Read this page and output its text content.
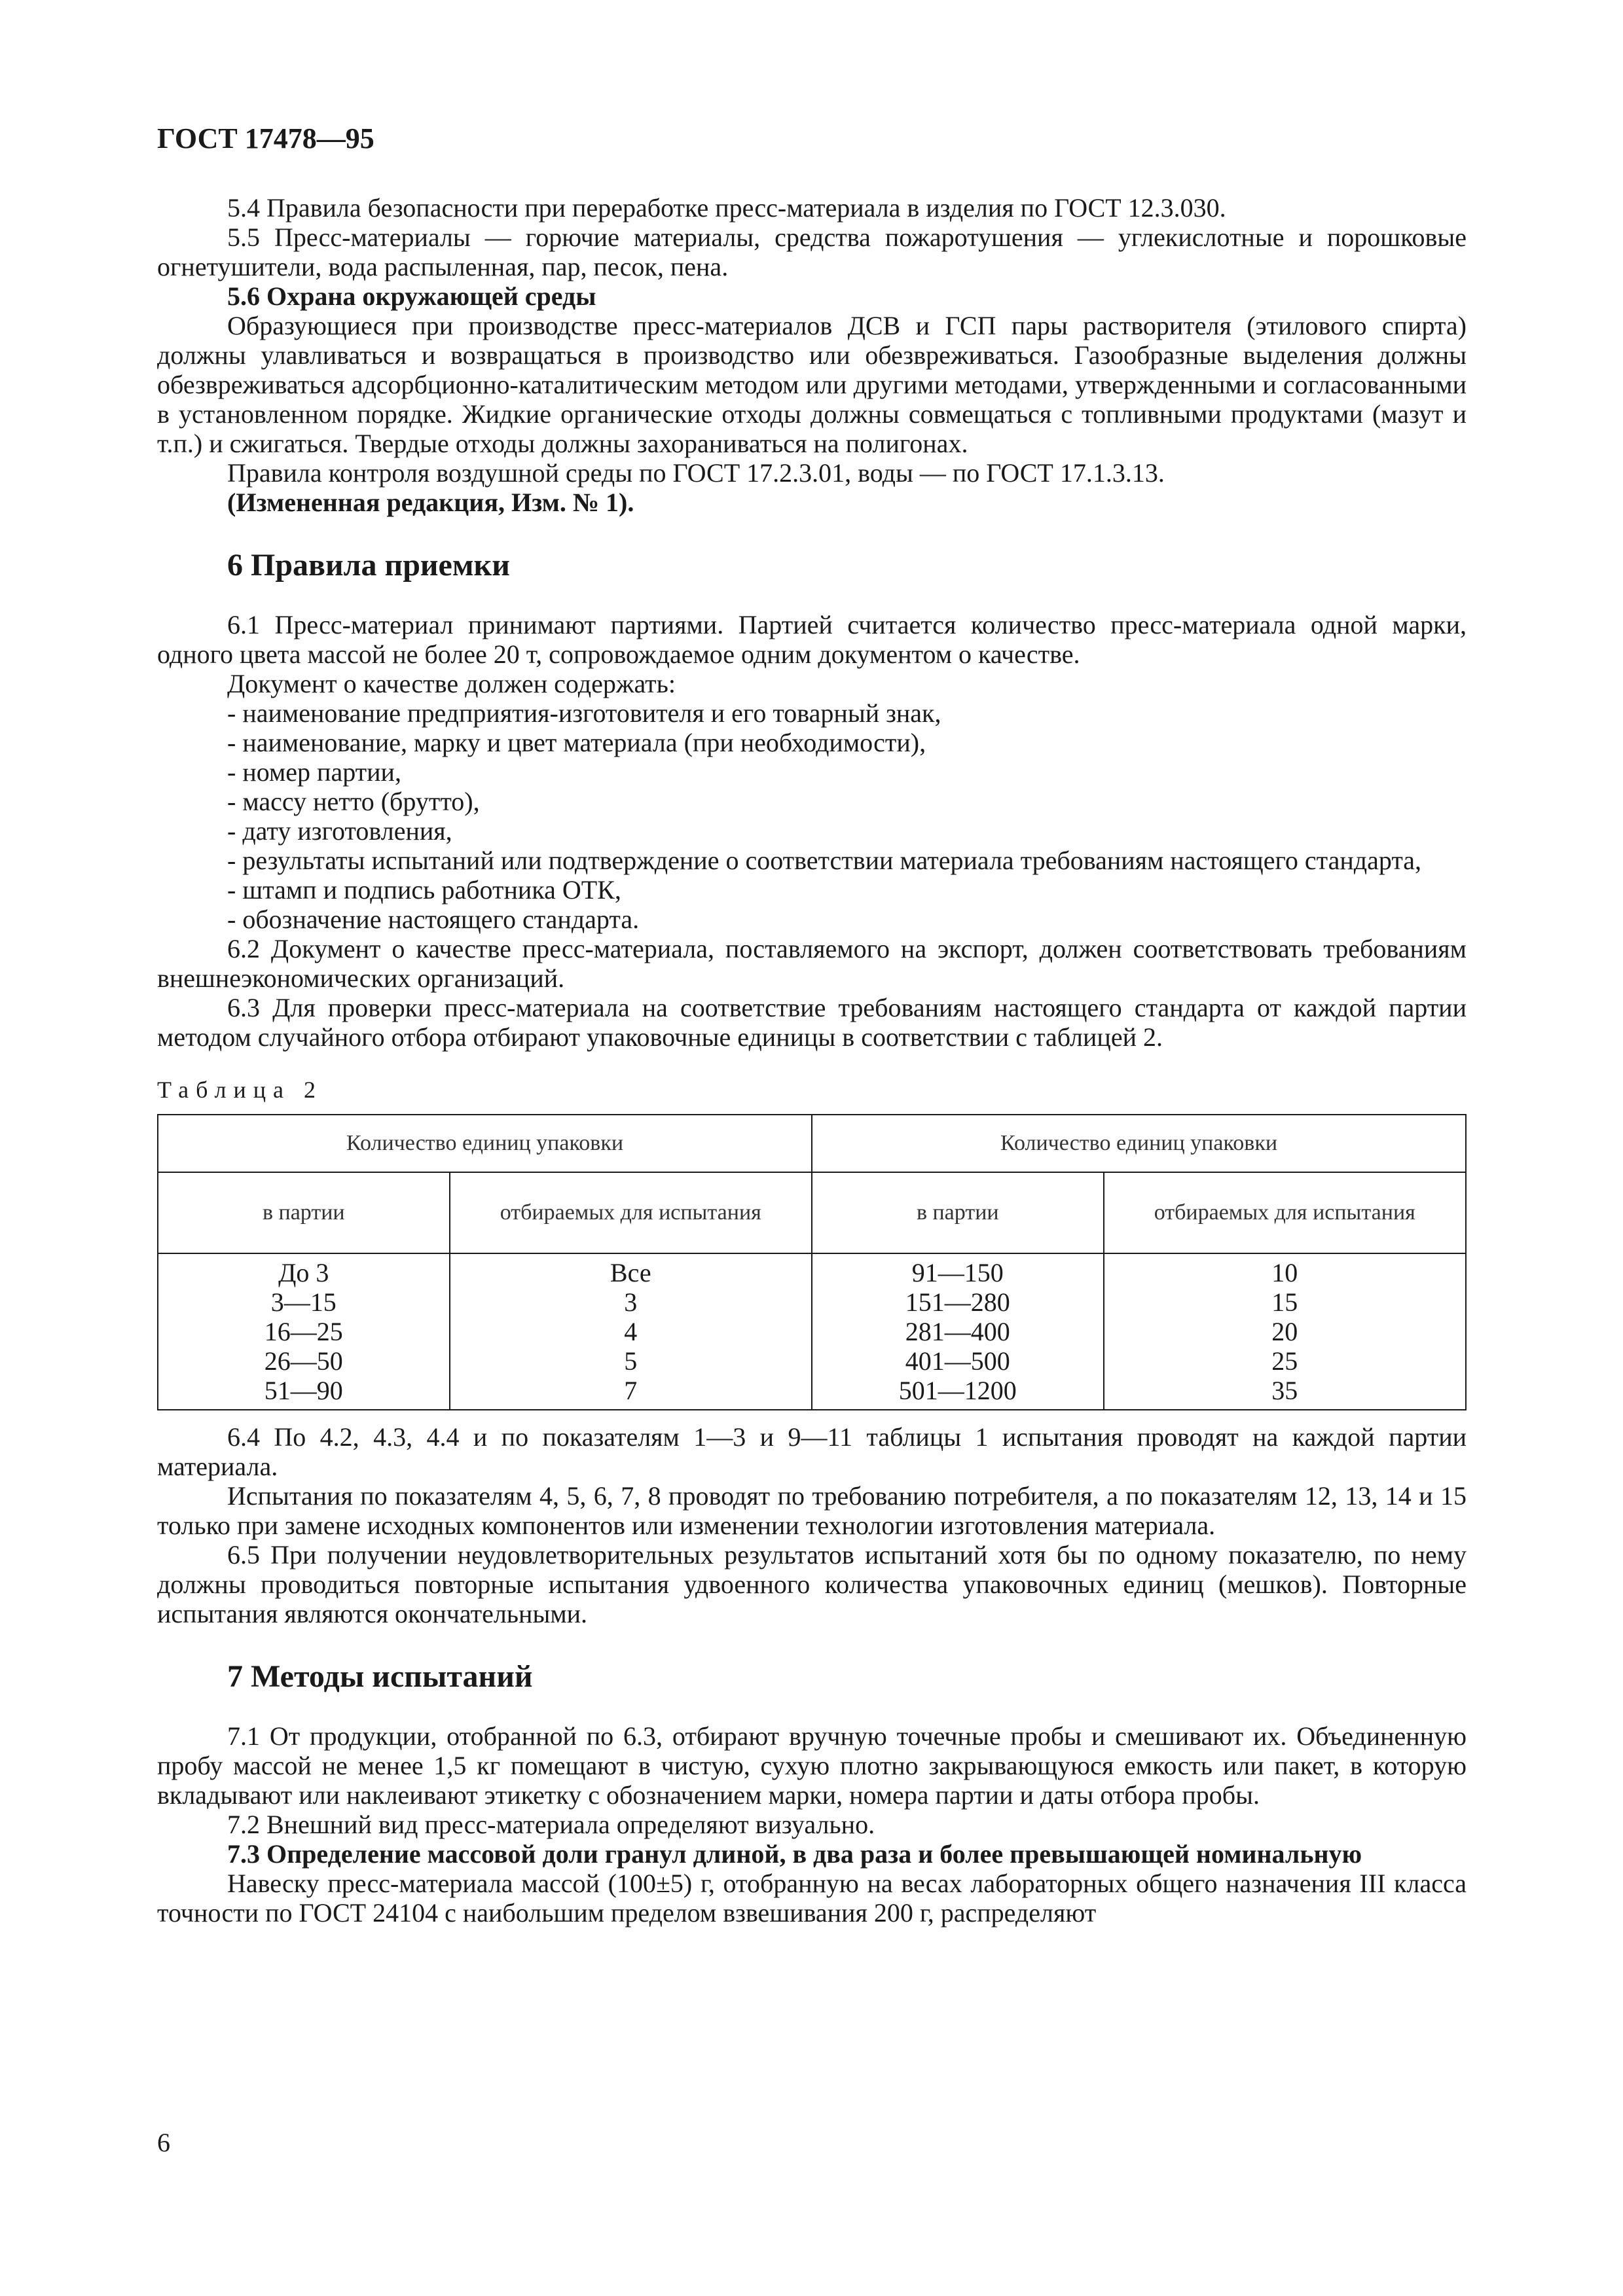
ГОСТ 17478—95

5.4 Правила безопасности при переработке пресс-материала в изделия по ГОСТ 12.3.030.

5.5 Пресс-материалы — горючие материалы, средства пожаротушения — углекислотные и порошковые огнетушители, вода распыленная, пар, песок, пена.

5.6 Охрана окружающей среды

Образующиеся при производстве пресс-материалов ДСВ и ГСП пары растворителя (этилового спирта) должны улавливаться и возвращаться в производство или обезвреживаться. Газообразные выделения должны обезвреживаться адсорбционно-каталитическим методом или другими методами, утвержденными и согласованными в установленном порядке. Жидкие органические отходы должны совмещаться с топливными продуктами (мазут и т.п.) и сжигаться. Твердые отходы должны захораниваться на полигонах.

Правила контроля воздушной среды по ГОСТ 17.2.3.01, воды — по ГОСТ 17.1.3.13.

(Измененная редакция, Изм. № 1).

6 Правила приемки

6.1 Пресс-материал принимают партиями. Партией считается количество пресс-материала одной марки, одного цвета массой не более 20 т, сопровождаемое одним документом о качестве.

Документ о качестве должен содержать:

- наименование предприятия-изготовителя и его товарный знак,

- наименование, марку и цвет материала (при необходимости),

- номер партии,

- массу нетто (брутто),

- дату изготовления,

- результаты испытаний или подтверждение о соответствии материала требованиям настоящего стандарта,

- штамп и подпись работника ОТК,

- обозначение настоящего стандарта.

6.2 Документ о качестве пресс-материала, поставляемого на экспорт, должен соответствовать требованиям внешнеэкономических организаций.

6.3 Для проверки пресс-материала на соответствие требованиям настоящего стандарта от каждой партии методом случайного отбора отбирают упаковочные единицы в соответствии с таблицей 2.

Таблица 2

Количество единиц упаковки		Количество единиц упаковки	
в партии	отбираемых для испытания	в партии	отбираемых для испытания
До 3	Все	91—150	10
3—15	3	151—280	15
16—25	4	281—400	20
26—50	5	401—500	25
51—90	7	501—1200	35

6.4 По 4.2, 4.3, 4.4 и по показателям 1—3 и 9—11 таблицы 1 испытания проводят на каждой партии материала.

Испытания по показателям 4, 5, 6, 7, 8 проводят по требованию потребителя, а по показателям 12, 13, 14 и 15 только при замене исходных компонентов или изменении технологии изготовления материала.

6.5 При получении неудовлетворительных результатов испытаний хотя бы по одному показателю, по нему должны проводиться повторные испытания удвоенного количества упаковочных единиц (мешков). Повторные испытания являются окончательными.

7 Методы испытаний

7.1 От продукции, отобранной по 6.3, отбирают вручную точечные пробы и смешивают их. Объединенную пробу массой не менее 1,5 кг помещают в чистую, сухую плотно закрывающуюся емкость или пакет, в которую вкладывают или наклеивают этикетку с обозначением марки, номера партии и даты отбора пробы.

7.2 Внешний вид пресс-материала определяют визуально.

7.3 Определение массовой доли гранул длиной, в два раза и более превышающей номинальную

Навеску пресс-материала массой (100±5) г, отобранную на весах лабораторных общего назначения III класса точности по ГОСТ 24104 с наибольшим пределом взвешивания 200 г, распределяют

6
